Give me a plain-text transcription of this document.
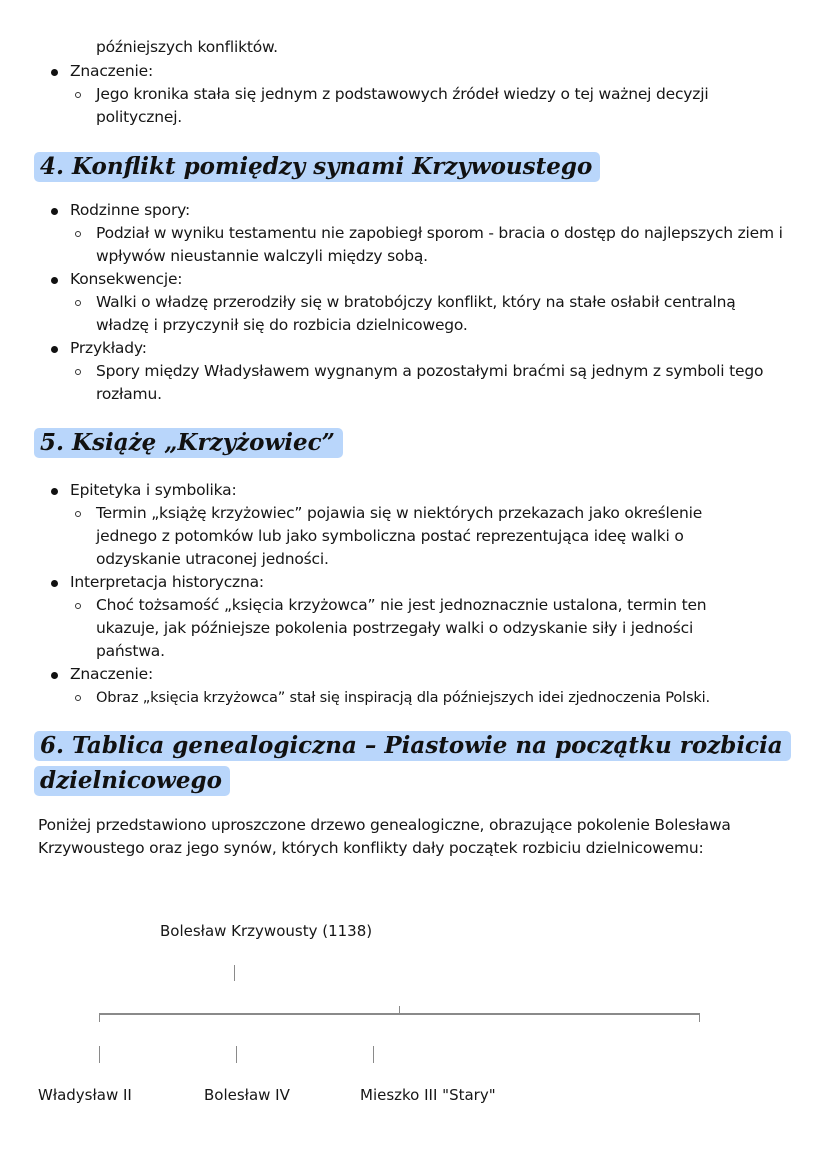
późniejszych konfliktów.
Znaczenie:
Jego kronika stała się jednym z podstawowych źródeł wiedzy o tej ważnej decyzji politycznej.
4. Konflikt pomiędzy synami Krzywoustego
Rodzinne spory:
Podział w wyniku testamentu nie zapobiegł sporom - bracia o dostęp do najlepszych ziem i wpływów nieustannie walczyli między sobą.
Konsekwencje:
Walki o władzę przerodziły się w bratobójczy konflikt, który na stałe osłabił centralną władzę i przyczynił się do rozbicia dzielnicowego.
Przykłady:
Spory między Władysławem wygnanym a pozostałymi braćmi są jednym z symboli tego rozłamu.
5. Książę „Krzyżowiec”
Epitetyka i symbolika:
Termin „książę krzyżowiec” pojawia się w niektórych przekazach jako określenie jednego z potomków lub jako symboliczna postać reprezentująca ideę walki o odzyskanie utraconej jedności.
Interpretacja historyczna:
Choć tożsamość „księcia krzyżowca” nie jest jednoznacznie ustalona, termin ten ukazuje, jak późniejsze pokolenia postrzegały walki o odzyskanie siły i jedności państwa.
Znaczenie:
Obraz „księcia krzyżowca” stał się inspiracją dla późniejszych idei zjednoczenia Polski.
6. Tablica genealogiczna – Piastowie na początku rozbicia
dzielnicowego
Poniżej przedstawiono uproszczone drzewo genealogiczne, obrazujące pokolenie Bolesława Krzywoustego oraz jego synów, których konflikty dały początek rozbiciu dzielnicowemu:
Bolesław Krzywousty (1138)
Władysław II	Bolesław IV	Mieszko III "Stary"
